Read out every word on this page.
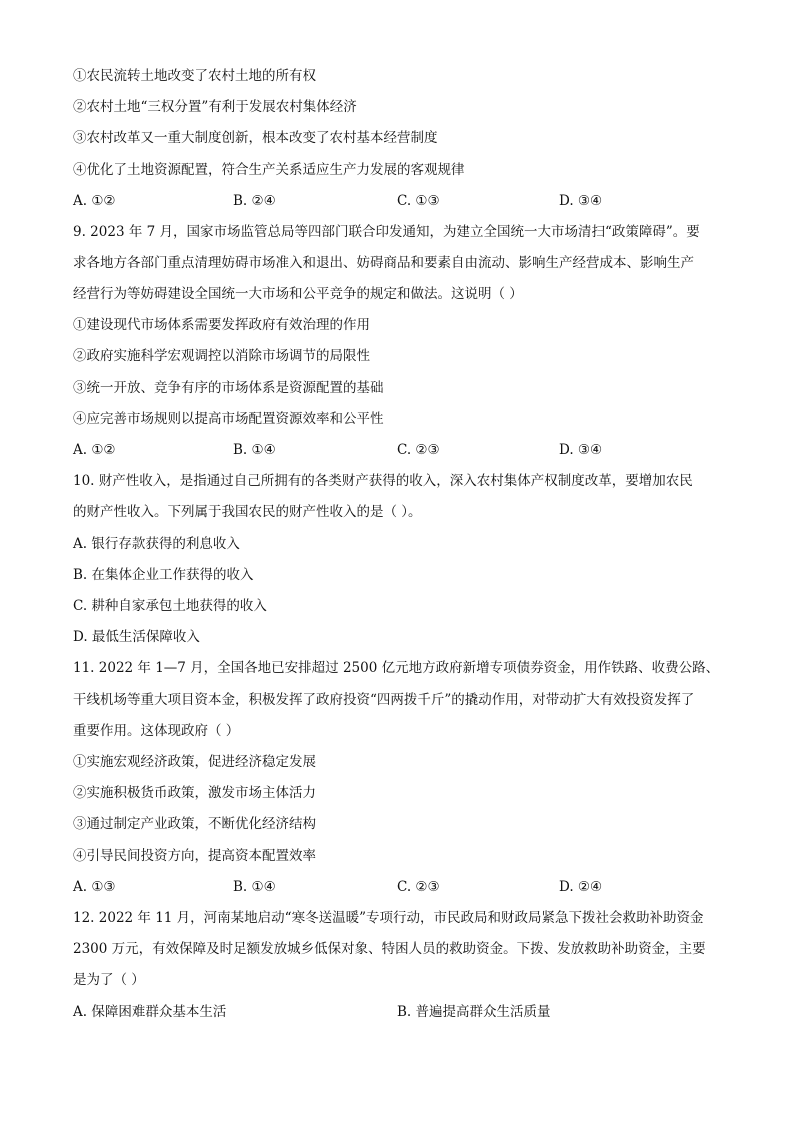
①农民流转土地改变了农村土地的所有权
②农村土地“三权分置”有利于发展农村集体经济
③农村改革又一重大制度创新，根本改变了农村基本经营制度
④优化了土地资源配置，符合生产关系适应生产力发展的客观规律
A. ①②	B. ②④	C. ①③	D. ③④
9. 2023 年 7 月，国家市场监管总局等四部门联合印发通知，为建立全国统一大市场清扫“政策障碍”。要
求各地方各部门重点清理妨碍市场准入和退出、妨碍商品和要素自由流动、影响生产经营成本、影响生产
经营行为等妨碍建设全国统一大市场和公平竞争的规定和做法。这说明（ ）
①建设现代市场体系需要发挥政府有效治理的作用
②政府实施科学宏观调控以消除市场调节的局限性
③统一开放、竞争有序的市场体系是资源配置的基础
④应完善市场规则以提高市场配置资源效率和公平性
A. ①②	B. ①④	C. ②③	D. ③④
10. 财产性收入，是指通过自己所拥有的各类财产获得的收入，深入农村集体产权制度改革，要增加农民
的财产性收入。下列属于我国农民的财产性收入的是（ ）。
A. 银行存款获得的利息收入
B. 在集体企业工作获得的收入
C. 耕种自家承包土地获得的收入
D. 最低生活保障收入
11. 2022 年 1—7 月，全国各地已安排超过 2500 亿元地方政府新增专项债券资金，用作铁路、收费公路、
干线机场等重大项目资本金，积极发挥了政府投资“四两拨千斤”的撬动作用，对带动扩大有效投资发挥了
重要作用。这体现政府（ ）
①实施宏观经济政策，促进经济稳定发展
②实施积极货币政策，激发市场主体活力
③通过制定产业政策，不断优化经济结构
④引导民间投资方向，提高资本配置效率
A. ①③	B. ①④	C. ②③	D. ②④
12. 2022 年 11 月，河南某地启动“寒冬送温暖”专项行动，市民政局和财政局紧急下拨社会救助补助资金
2300 万元，有效保障及时足额发放城乡低保对象、特困人员的救助资金。下拨、发放救助补助资金，主要
是为了（ ）
A. 保障困难群众基本生活	B. 普遍提高群众生活质量
